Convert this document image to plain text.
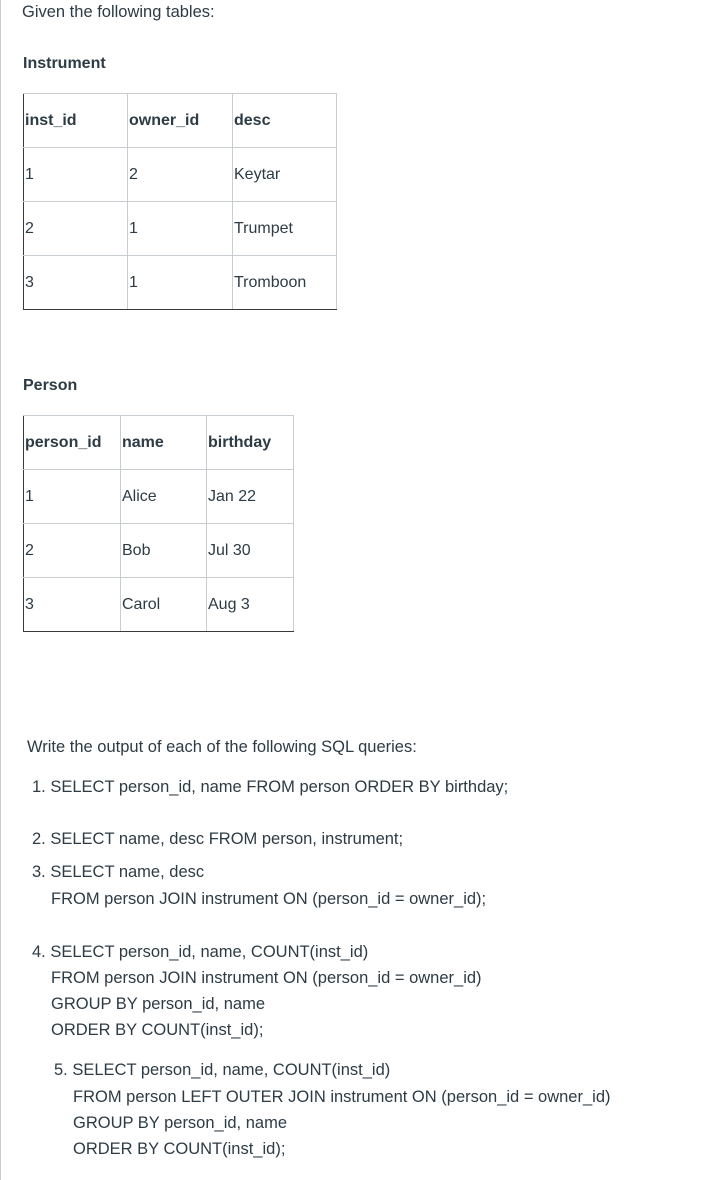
Given the following tables:
Instrument
inst_id	owner_id	desc
1	2	Keytar
2	1	Trumpet
3	1	Tromboon
Person
person_id	name	birthday
1	Alice	Jan 22
2	Bob	Jul 30
3	Carol	Aug 3
Write the output of each of the following SQL queries:
1. SELECT person_id, name FROM person ORDER BY birthday;
2. SELECT name, desc FROM person, instrument;
3. SELECT name, desc
FROM person JOIN instrument ON (person_id = owner_id);
4. SELECT person_id, name, COUNT(inst_id)
FROM person JOIN instrument ON (person_id = owner_id)
GROUP BY person_id, name
ORDER BY COUNT(inst_id);
5. SELECT person_id, name, COUNT(inst_id)
FROM person LEFT OUTER JOIN instrument ON (person_id = owner_id)
GROUP BY person_id, name
ORDER BY COUNT(inst_id);
